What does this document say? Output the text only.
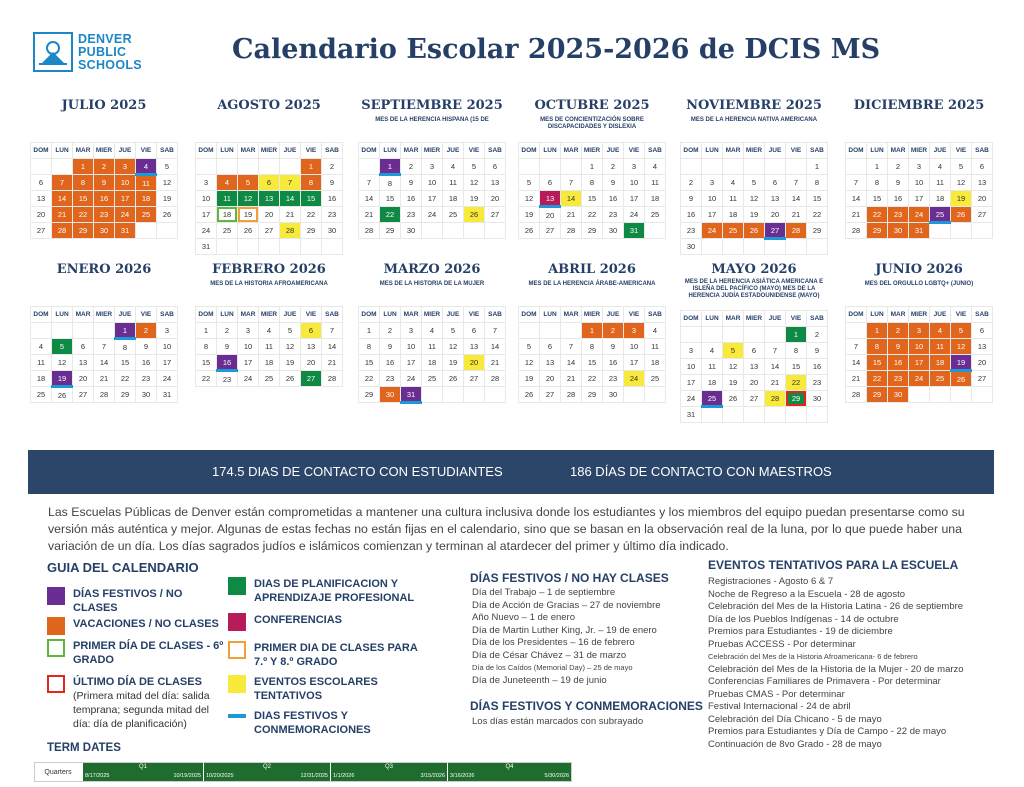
DENVER
PUBLIC
SCHOOLS	Calendario Escolar 2025-2026 de DCIS MS
JULIO 2025
DOM	LUN	MAR	MIER	JUE	VIE	SAB
		1	2	3	4	5
6	7	8	9	10	11	12
13	14	15	16	17	18	19
20	21	22	23	24	25	26
27	28	29	30	31		
AGOSTO 2025
DOM	LUN	MAR	MIER	JUE	VIE	SAB
					1	2
3	4	5	6	7	8	9
10	11	12	13	14	15	16
17	18	19	20	21	22	23
24	25	26	27	28	29	30
31						
SEPTIEMBRE 2025
MES DE LA HERENCIA HISPANA (15 DE
DOM	LUN	MAR	MIER	JUE	VIE	SAB
	1	2	3	4	5	6
7	8	9	10	11	12	13
14	15	16	17	18	19	20
21	22	23	24	25	26	27
28	29	30				
OCTUBRE 2025
MES DE CONCIENTIZACIÓN SOBRE DISCAPACIDADES Y DISLEXIA
DOM	LUN	MAR	MIER	JUE	VIE	SAB
			1	2	3	4
5	6	7	8	9	10	11
12	13	14	15	16	17	18
19	20	21	22	23	24	25
26	27	28	29	30	31	
NOVIEMBRE 2025
MES DE LA HERENCIA NATIVA AMERICANA
DOM	LUN	MAR	MIER	JUE	VIE	SAB
						1
2	3	4	5	6	7	8
9	10	11	12	13	14	15
16	17	18	19	20	21	22
23	24	25	26	27	28	29
30						
DICIEMBRE 2025
DOM	LUN	MAR	MIER	JUE	VIE	SAB
	1	2	3	4	5	6
7	8	9	10	11	12	13
14	15	16	17	18	19	20
21	22	23	24	25	26	27
28	29	30	31			
ENERO 2026
DOM	LUN	MAR	MIER	JUE	VIE	SAB
				1	2	3
4	5	6	7	8	9	10
11	12	13	14	15	16	17
18	19	20	21	22	23	24
25	26	27	28	29	30	31
FEBRERO 2026
MES DE LA HISTORIA AFROAMERICANA
DOM	LUN	MAR	MIER	JUE	VIE	SAB
1	2	3	4	5	6	7
8	9	10	11	12	13	14
15	16	17	18	19	20	21
22	23	24	25	26	27	28
MARZO 2026
MES DE LA HISTORIA DE LA MUJER
DOM	LUN	MAR	MIER	JUE	VIE	SAB
1	2	3	4	5	6	7
8	9	10	11	12	13	14
15	16	17	18	19	20	21
22	23	24	25	26	27	28
29	30	31				
ABRIL 2026
MES DE LA HERENCIA ÁRABE-AMERICANA
DOM	LUN	MAR	MIER	JUE	VIE	SAB
			1	2	3	4
5	6	7	8	9	10	11
12	13	14	15	16	17	18
19	20	21	22	23	24	25
26	27	28	29	30		
MAYO 2026
MES DE LA HERENCIA ASIÁTICA AMERICANA E ISLEÑA DEL PACÍFICO (MAYO) MES DE LA HERENCIA JUDÍA ESTADOUNIDENSE (MAYO)
DOM	LUN	MAR	MIER	JUE	VIE	SAB
					1	2
3	4	5	6	7	8	9
10	11	12	13	14	15	16
17	18	19	20	21	22	23
24	25	26	27	28	29	30
31						
JUNIO 2026
MES DEL ORGULLO LGBTQ+ (JUNIO)
DOM	LUN	MAR	MIER	JUE	VIE	SAB
	1	2	3	4	5	6
7	8	9	10	11	12	13
14	15	16	17	18	19	20
21	22	23	24	25	26	27
28	29	30				
174.5 DIAS DE CONTACTO CON ESTUDIANTES	186 DÍAS DE CONTACTO CON MAESTROS
Las Escuelas Públicas de Denver están comprometidas a mantener una cultura inclusiva donde los estudiantes y los miembros del equipo puedan presentarse como su versión más auténtica y mejor. Algunas de estas fechas no están fijas en el calendario, sino que se basan en la observación real de la luna, por lo que puede haber una variación de un día. Los días sagrados judíos e islámicos comienzan y terminan al atardecer del primer y último día indicado.
GUIA DEL CALENDARIO
DÍAS FESTIVOS / NO CLASES
VACACIONES / NO CLASES
PRIMER DÍA DE CLASES - 6º GRADO
ÚLTIMO DÍA DE CLASES
(Primera mitad del día: salida temprana; segunda mitad del día: día de planificación)
DIAS DE PLANIFICACION Y APRENDIZAJE PROFESIONAL
CONFERENCIAS
PRIMER DIA DE CLASES PARA 7.º Y 8.º GRADO
EVENTOS ESCOLARES TENTATIVOS
DIAS FESTIVOS Y CONMEMORACIONES
TERM DATES
Quarters
Q1	Q2	Q3	Q4
8/17/2025	10/19/2025 10/20/2025	12/31/2025 1/1/2026	3/15/2026 3/16/2026	5/30/2026
DÍAS FESTIVOS / NO HAY CLASES
Día del Trabajo – 1 de septiembre
Día de Acción de Gracias – 27 de noviembre
Año Nuevo – 1 de enero
Día de Martin Luther King, Jr. – 19 de enero
Día de los Presidentes – 16 de febrero
Día de César Chávez – 31 de marzo
Día de los Caídos (Memorial Day) – 25 de mayo
Día de Juneteenth – 19 de junio
DÍAS FESTIVOS Y CONMEMORACIONES
Los días están marcados con subrayado
EVENTOS TENTATIVOS PARA LA ESCUELA
Registraciones - Agosto 6 & 7
Noche de Regreso a la Escuela - 28 de agosto
Celebración del Mes de la Historia Latina - 26 de septiembre
Día de los Pueblos Indígenas - 14 de octubre
Premios para Estudiantes - 19 de diciembre
Pruebas ACCESS - Por determinar
Celebración del Mes de la Historia Afroamericana- 6 de febrero
Celebración del Mes de la Historia de la Mujer - 20 de marzo
Conferencias Familiares de Primavera - Por determinar
Pruebas CMAS - Por determinar
Festival Internacional - 24 de abril
Celebración del Día Chicano - 5 de mayo
Premios para Estudiantes y Día de Campo - 22 de mayo
Continuación de 8vo Grado - 28 de mayo
